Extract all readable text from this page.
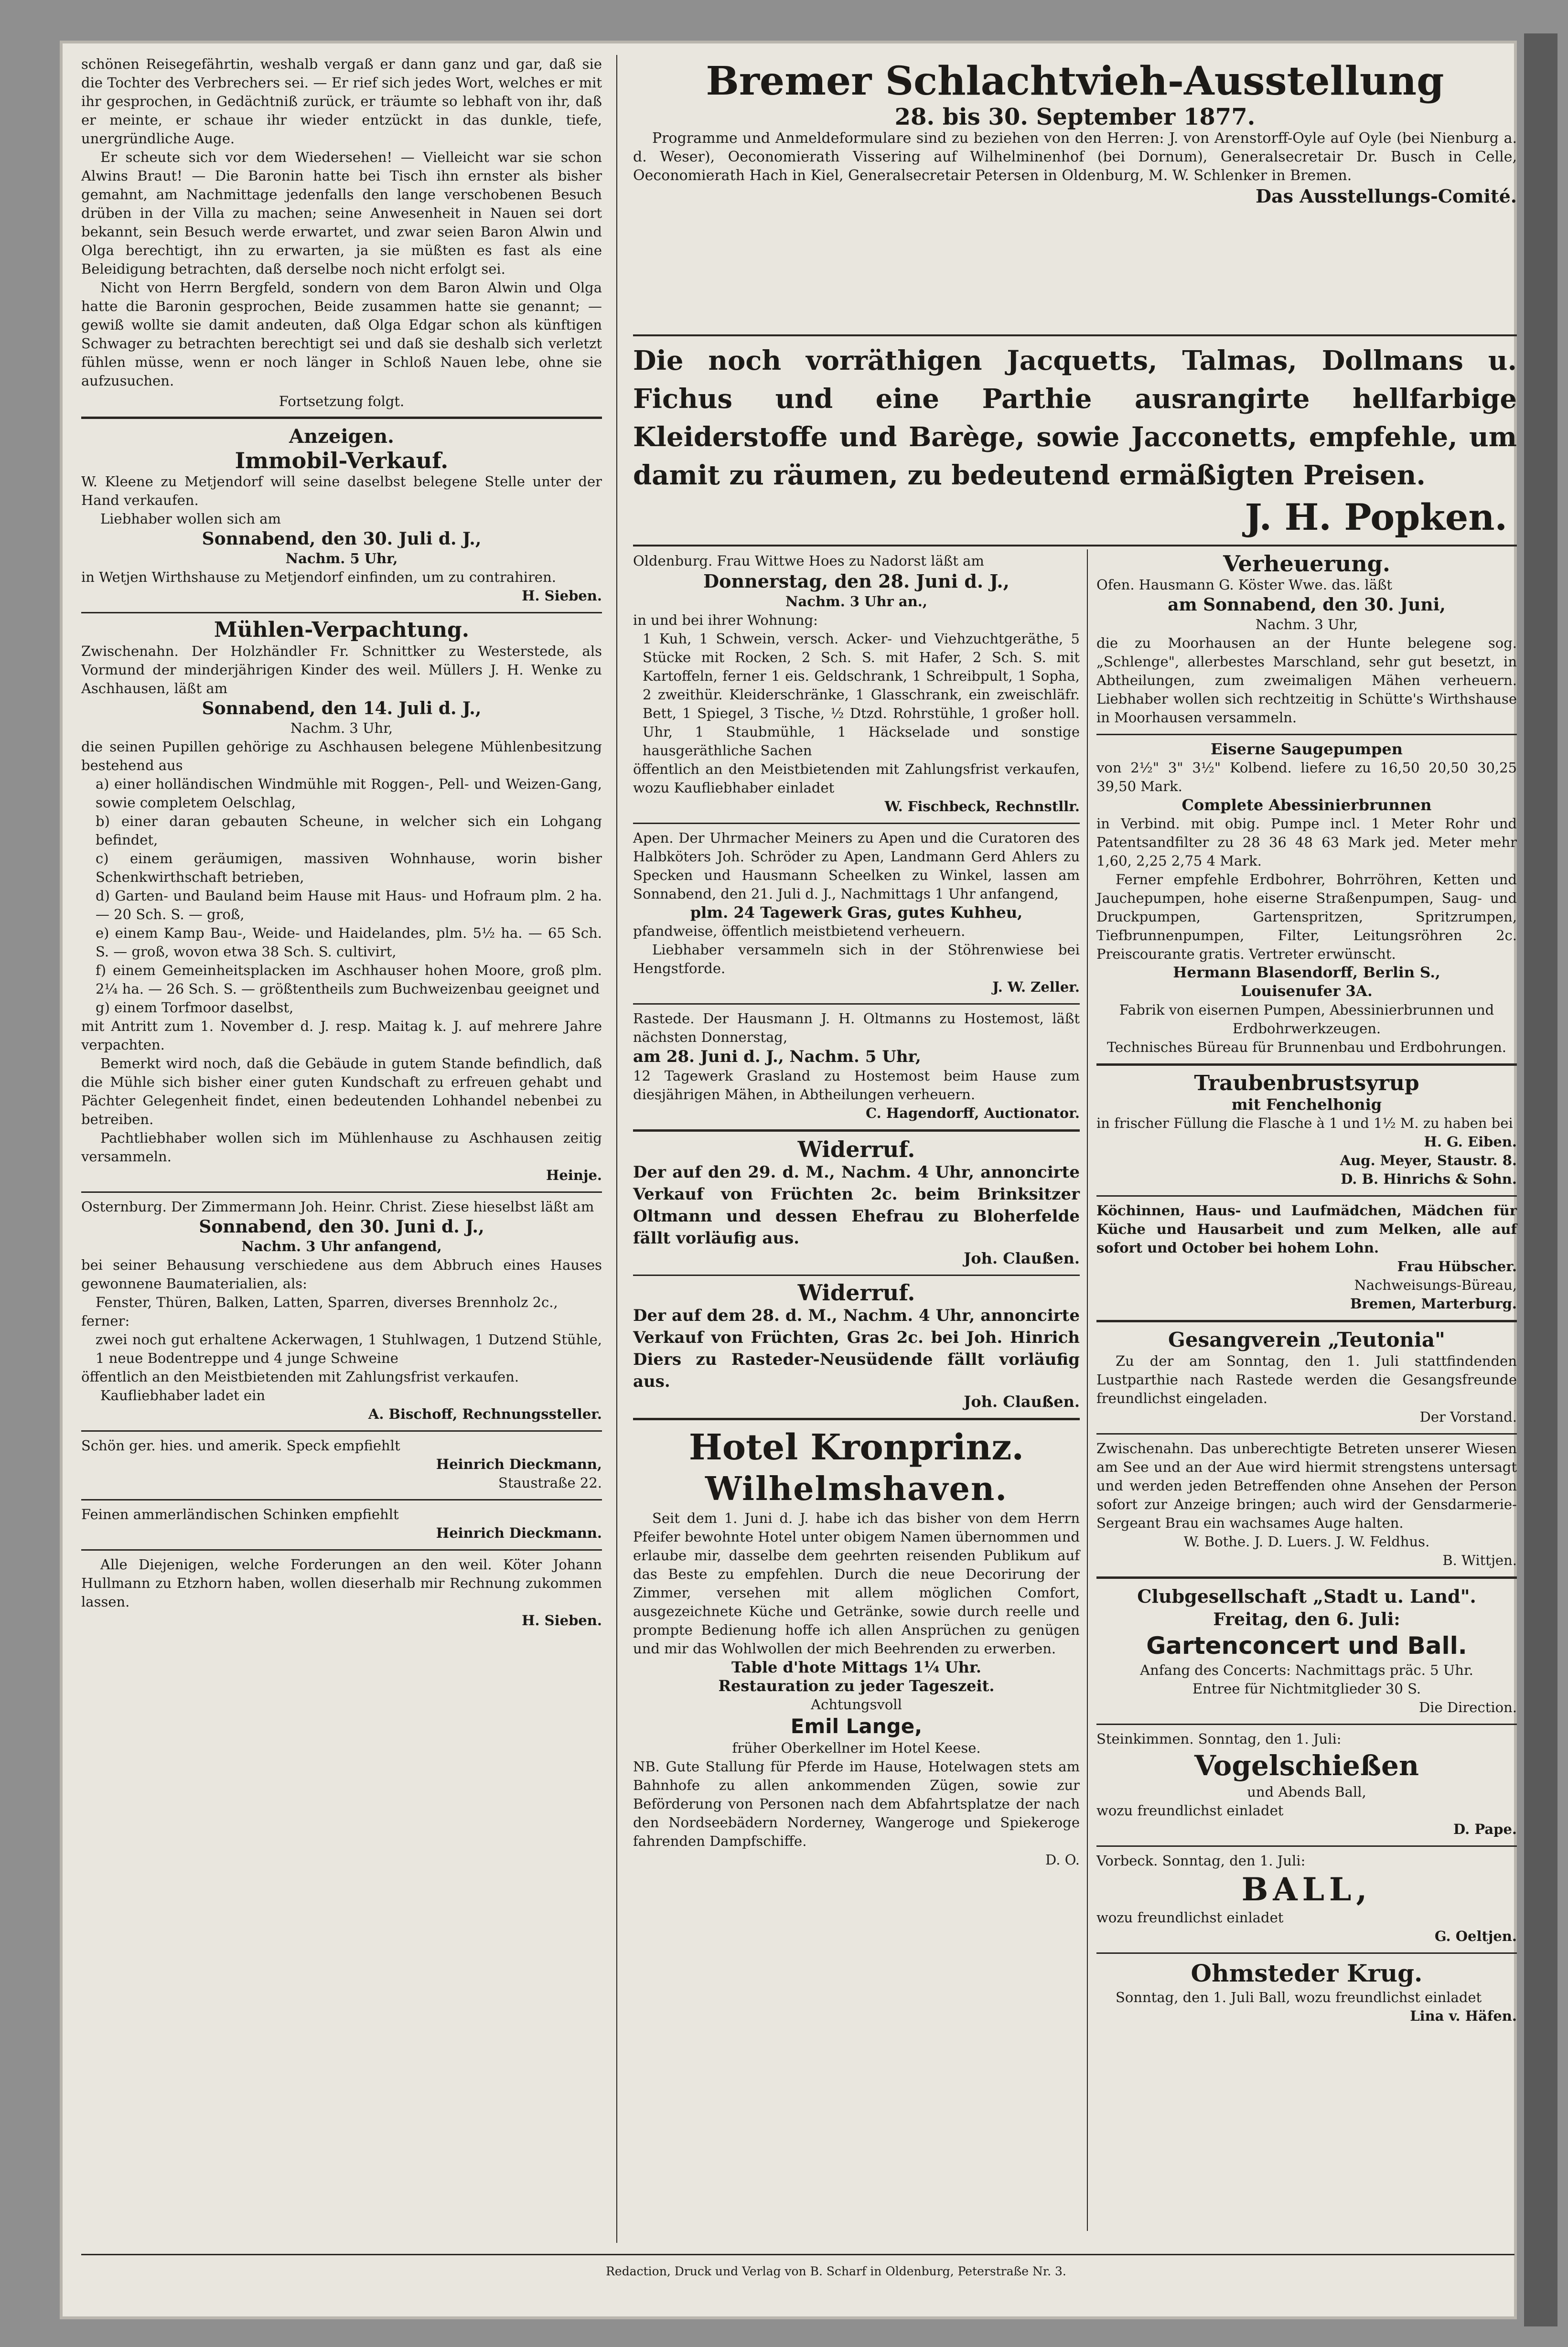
schönen Reisegefährtin, weshalb vergaß er dann ganz und gar, daß sie die Tochter des Verbrechers sei. — Er rief sich jedes Wort, welches er mit ihr gesprochen, in Gedächtniß zurück, er träumte so lebhaft von ihr, daß er meinte, er schaue ihr wieder entzückt in das dunkle, tiefe, unergründliche Auge.

Er scheute sich vor dem Wiedersehen! — Vielleicht war sie schon Alwins Braut! — Die Baronin hatte bei Tisch ihn ernster als bisher gemahnt, am Nachmittage jedenfalls den lange verschobenen Besuch drüben in der Villa zu machen; seine Anwesenheit in Nauen sei dort bekannt, sein Besuch werde erwartet, und zwar seien Baron Alwin und Olga berechtigt, ihn zu erwarten, ja sie müßten es fast als eine Beleidigung betrachten, daß derselbe noch nicht erfolgt sei.

Nicht von Herrn Bergfeld, sondern von dem Baron Alwin und Olga hatte die Baronin gesprochen, Beide zusammen hatte sie genannt; — gewiß wollte sie damit andeuten, daß Olga Edgar schon als künftigen Schwager zu betrachten berechtigt sei und daß sie deshalb sich verletzt fühlen müsse, wenn er noch länger in Schloß Nauen lebe, ohne sie aufzusuchen.

Fortsetzung folgt.

Anzeigen.
Immobil-Verkauf.

W. Kleene zu Metjendorf will seine daselbst belegene Stelle unter der Hand verkaufen.

Liebhaber wollen sich am

Sonnabend, den 30. Juli d. J.,

Nachm. 5 Uhr,

in Wetjen Wirthshause zu Metjendorf einfinden, um zu contrahiren.

H. Sieben.

Mühlen-Verpachtung.

Zwischenahn. Der Holzhändler Fr. Schnittker zu Westerstede, als Vormund der minderjährigen Kinder des weil. Müllers J. H. Wenke zu Aschhausen, läßt am

Sonnabend, den 14. Juli d. J.,

Nachm. 3 Uhr,

die seinen Pupillen gehörige zu Aschhausen belegene Mühlenbesitzung bestehend aus

a) einer holländischen Windmühle mit Roggen-, Pell- und Weizen-Gang, sowie completem Oelschlag,

b) einer daran gebauten Scheune, in welcher sich ein Lohgang befindet,

c) einem geräumigen, massiven Wohnhause, worin bisher Schenkwirthschaft betrieben,

d) Garten- und Bauland beim Hause mit Haus- und Hofraum plm. 2 ha. — 20 Sch. S. — groß,

e) einem Kamp Bau-, Weide- und Haidelandes, plm. 5½ ha. — 65 Sch. S. — groß, wovon etwa 38 Sch. S. cultivirt,

f) einem Gemeinheitsplacken im Aschhauser hohen Moore, groß plm. 2¼ ha. — 26 Sch. S. — größtentheils zum Buchweizenbau geeignet und

g) einem Torfmoor daselbst,

mit Antritt zum 1. November d. J. resp. Maitag k. J. auf mehrere Jahre verpachten.

Bemerkt wird noch, daß die Gebäude in gutem Stande befindlich, daß die Mühle sich bisher einer guten Kundschaft zu erfreuen gehabt und Pächter Gelegenheit findet, einen bedeutenden Lohhandel nebenbei zu betreiben.

Pachtliebhaber wollen sich im Mühlenhause zu Aschhausen zeitig versammeln.

Heinje.

Osternburg. Der Zimmermann Joh. Heinr. Christ. Ziese hieselbst läßt am

Sonnabend, den 30. Juni d. J.,

Nachm. 3 Uhr anfangend,

bei seiner Behausung verschiedene aus dem Abbruch eines Hauses gewonnene Baumaterialien, als:

Fenster, Thüren, Balken, Latten, Sparren, diverses Brennholz 2c.,

ferner:

zwei noch gut erhaltene Ackerwagen, 1 Stuhlwagen, 1 Dutzend Stühle, 1 neue Bodentreppe und 4 junge Schweine

öffentlich an den Meistbietenden mit Zahlungsfrist verkaufen.

Kaufliebhaber ladet ein

A. Bischoff, Rechnungssteller.

Schön ger. hies. und amerik. Speck empfiehlt

Heinrich Dieckmann,

Staustraße 22.

Feinen ammerländischen Schinken empfiehlt

Heinrich Dieckmann.

Alle Diejenigen, welche Forderungen an den weil. Köter Johann Hullmann zu Etzhorn haben, wollen dieserhalb mir Rechnung zukommen lassen.

H. Sieben.

Bremer Schlachtvieh-Ausstellung
28. bis 30. September 1877.

Programme und Anmeldeformulare sind zu beziehen von den Herren: J. von Arenstorff-Oyle auf Oyle (bei Nienburg a. d. Weser), Oeconomierath Vissering auf Wilhelminenhof (bei Dornum), Generalsecretair Dr. Busch in Celle, Oeconomierath Hach in Kiel, Generalsecretair Petersen in Oldenburg, M. W. Schlenker in Bremen.

Das Ausstellungs-Comité.

Die noch vorräthigen Jacquetts, Talmas, Dollmans u. Fichus und eine Parthie ausrangirte hellfarbige Kleiderstoffe und Barège, sowie Jacconetts, empfehle, um damit zu räumen, zu bedeutend ermäßigten Preisen.

J. H. Popken.

Oldenburg. Frau Wittwe Hoes zu Nadorst läßt am

Donnerstag, den 28. Juni d. J.,

Nachm. 3 Uhr an.,

in und bei ihrer Wohnung:

1 Kuh, 1 Schwein, versch. Acker- und Viehzuchtgeräthe, 5 Stücke mit Rocken, 2 Sch. S. mit Hafer, 2 Sch. S. mit Kartoffeln, ferner 1 eis. Geldschrank, 1 Schreibpult, 1 Sopha, 2 zweithür. Kleiderschränke, 1 Glasschrank, ein zweischläfr. Bett, 1 Spiegel, 3 Tische, ½ Dtzd. Rohrstühle, 1 großer holl. Uhr, 1 Staubmühle, 1 Häckselade und sonstige hausgeräthliche Sachen

öffentlich an den Meistbietenden mit Zahlungsfrist verkaufen, wozu Kaufliebhaber einladet

W. Fischbeck, Rechnstllr.

Apen. Der Uhrmacher Meiners zu Apen und die Curatoren des Halbköters Joh. Schröder zu Apen, Landmann Gerd Ahlers zu Specken und Hausmann Scheelken zu Winkel, lassen am Sonnabend, den 21. Juli d. J., Nachmittags 1 Uhr anfangend,

plm. 24 Tagewerk Gras, gutes Kuhheu,

pfandweise, öffentlich meistbietend verheuern.

Liebhaber versammeln sich in der Stöhrenwiese bei Hengstforde.

J. W. Zeller.

Rastede. Der Hausmann J. H. Oltmanns zu Hostemost, läßt nächsten Donnerstag,

am 28. Juni d. J., Nachm. 5 Uhr,

12 Tagewerk Grasland zu Hostemost beim Hause zum diesjährigen Mähen, in Abtheilungen verheuern.

C. Hagendorff, Auctionator.

Widerruf.

Der auf den 29. d. M., Nachm. 4 Uhr, annoncirte Verkauf von Früchten 2c. beim Brinksitzer Oltmann und dessen Ehefrau zu Bloherfelde fällt vorläufig aus.

Joh. Claußen.

Widerruf.

Der auf dem 28. d. M., Nachm. 4 Uhr, annoncirte Verkauf von Früchten, Gras 2c. bei Joh. Hinrich Diers zu Rasteder-Neusüdende fällt vorläufig aus.

Joh. Claußen.

Hotel Kronprinz.
Wilhelmshaven.

Seit dem 1. Juni d. J. habe ich das bisher von dem Herrn Pfeifer bewohnte Hotel unter obigem Namen übernommen und erlaube mir, dasselbe dem geehrten reisenden Publikum auf das Beste zu empfehlen. Durch die neue Decorirung der Zimmer, versehen mit allem möglichen Comfort, ausgezeichnete Küche und Getränke, sowie durch reelle und prompte Bedienung hoffe ich allen Ansprüchen zu genügen und mir das Wohlwollen der mich Beehrenden zu erwerben.

Table d'hote Mittags 1¼ Uhr.

Restauration zu jeder Tageszeit.

Achtungsvoll

Emil Lange,

früher Oberkellner im Hotel Keese.

NB. Gute Stallung für Pferde im Hause, Hotelwagen stets am Bahnhofe zu allen ankommenden Zügen, sowie zur Beförderung von Personen nach dem Abfahrtsplatze der nach den Nordseebädern Norderney, Wangeroge und Spiekeroge fahrenden Dampfschiffe.

D. O.

Verheuerung.

Ofen. Hausmann G. Köster Wwe. das. läßt

am Sonnabend, den 30. Juni,

Nachm. 3 Uhr,

die zu Moorhausen an der Hunte belegene sog. „Schlenge", allerbestes Marschland, sehr gut besetzt, in Abtheilungen, zum zweimaligen Mähen verheuern. Liebhaber wollen sich rechtzeitig in Schütte's Wirthshause in Moorhausen versammeln.

Eiserne Saugepumpen

von 2½" 3" 3½" Kolbend. liefere zu 16,50 20,50 30,25 39,50 Mark.

Complete Abessinierbrunnen

in Verbind. mit obig. Pumpe incl. 1 Meter Rohr und Patentsandfilter zu 28 36 48 63 Mark jed. Meter mehr 1,60, 2,25 2,75 4 Mark.

Ferner empfehle Erdbohrer, Bohrröhren, Ketten und Jauchepumpen, hohe eiserne Straßenpumpen, Saug- und Druckpumpen, Gartenspritzen, Spritzrumpen, Tiefbrunnenpumpen, Filter, Leitungsröhren 2c. Preiscourante gratis. Vertreter erwünscht.

Hermann Blasendorff, Berlin S.,

Louisenufer 3A.

Fabrik von eisernen Pumpen, Abessinierbrunnen und Erdbohrwerkzeugen.

Technisches Büreau für Brunnenbau und Erdbohrungen.

Traubenbrustsyrup

mit Fenchelhonig

in frischer Füllung die Flasche à 1 und 1½ M. zu haben bei

H. G. Eiben.

Aug. Meyer, Staustr. 8.

D. B. Hinrichs & Sohn.

Köchinnen, Haus- und Laufmädchen, Mädchen für Küche und Hausarbeit und zum Melken, alle auf sofort und October bei hohem Lohn.

Frau Hübscher.

Nachweisungs-Büreau,

Bremen, Marterburg.

Gesangverein „Teutonia"

Zu der am Sonntag, den 1. Juli stattfindenden Lustparthie nach Rastede werden die Gesangsfreunde freundlichst eingeladen.

Der Vorstand.

Zwischenahn. Das unberechtigte Betreten unserer Wiesen am See und an der Aue wird hiermit strengstens untersagt und werden jeden Betreffenden ohne Ansehen der Person sofort zur Anzeige bringen; auch wird der Gensdarmerie-Sergeant Brau ein wachsames Auge halten.

W. Bothe. J. D. Luers. J. W. Feldhus.

B. Wittjen.

Clubgesellschaft „Stadt u. Land".

Freitag, den 6. Juli:

Gartenconcert und Ball.

Anfang des Concerts: Nachmittags präc. 5 Uhr.

Entree für Nichtmitglieder 30 S.

Die Direction.

Steinkimmen. Sonntag, den 1. Juli:

Vogelschießen

und Abends Ball,

wozu freundlichst einladet

D. Pape.

Vorbeck. Sonntag, den 1. Juli:

BALL,

wozu freundlichst einladet

G. Oeltjen.

Ohmsteder Krug.

Sonntag, den 1. Juli Ball, wozu freundlichst einladet

Lina v. Häfen.

Redaction, Druck und Verlag von B. Scharf in Oldenburg, Peterstraße Nr. 3.
